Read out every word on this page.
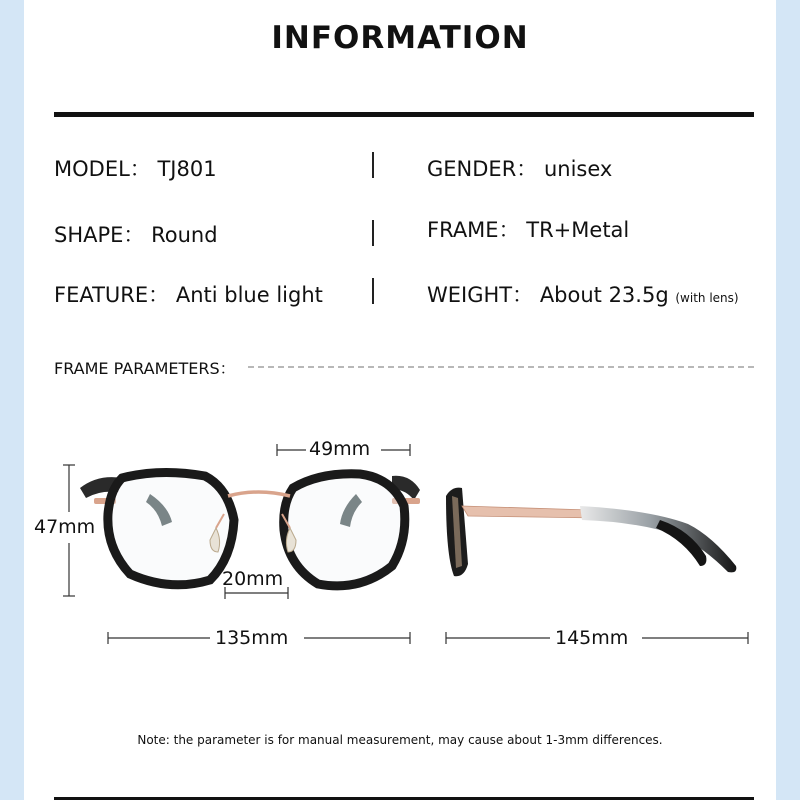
INFORMATION
MODEL： TJ801	GENDER： unisex
SHAPE： Round	FRAME： TR+Metal
FEATURE： Anti blue light	WEIGHT： About 23.5g (with lens)
FRAME PARAMETERS：
49mm
47mm
20mm
135mm	145mm
Note: the parameter is for manual measurement, may cause about 1-3mm differences.
